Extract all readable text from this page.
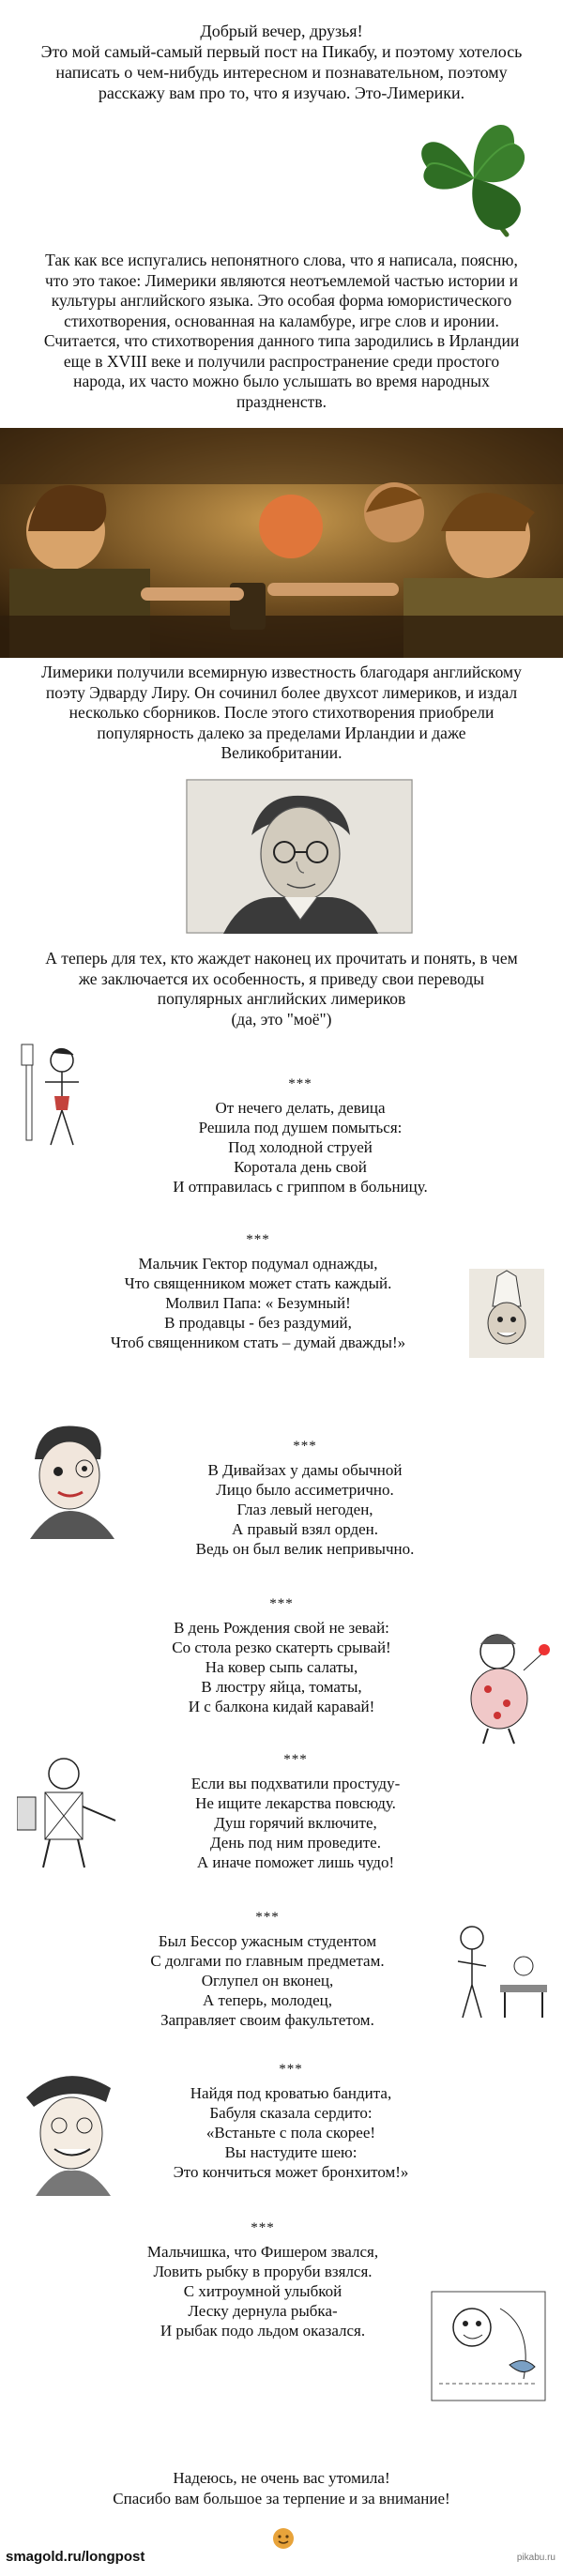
Добрый вечер, друзья!
Это мой самый-самый первый пост на Пикабу, и поэтому хотелось
написать о чем-нибудь интересном и познавательном, поэтому
расскажу вам про то, что я изучаю. Это-Лимерики.
Так как все испугались непонятного слова, что я написала, поясню,
что это такое: Лимерики являются неотъемлемой частью истории и
культуры английского языка. Это особая форма юмористического
стихотворения, основанная на каламбуре, игре слов и иронии.
Считается, что стихотворения данного типа зародились в Ирландии
еще в XVIII веке и получили распространение среди простого
народа, их часто можно было услышать во время народных
праздненств.
Лимерики получили всемирную известность благодаря английскому
поэту Эдварду Лиру. Он сочинил более двухсот лимериков, и издал
несколько сборников. После этого стихотворения приобрели
популярность далеко за пределами Ирландии и даже
Великобритании.
А теперь для тех, кто жаждет наконец их прочитать и понять, в чем
же заключается их особенность, я приведу свои переводы
популярных английских лимериков
(да, это "моё")
***
От нечего делать, девица
Решила под душем помыться:
Под холодной струей
Коротала день свой
И отправилась с гриппом в больницу.
***
Мальчик Гектор подумал однажды,
Что священником может стать каждый.
Молвил Папа: « Безумный!
В продавцы - без раздумий,
Чтоб священником стать – думай дважды!»
***
В Дивайзах у дамы обычной
Лицо было ассиметрично.
Глаз левый негоден,
А правый взял орден.
Ведь он был велик непривычно.
***
В день Рождения свой не зевай:
Со стола резко скатерть срывай!
На ковер сыпь салаты,
В люстру яйца, томаты,
И с балкона кидай каравай!
***
Если вы подхватили простуду-
Не ищите лекарства повсюду.
Душ горячий включите,
День под ним проведите.
А иначе поможет лишь чудо!
***
Был Бессор ужасным студентом
С долгами по главным предметам.
Оглупел он вконец,
А теперь, молодец,
Заправляет своим факультетом.
***
Найдя под кроватью бандита,
Бабуля сказала сердито:
«Встаньте с пола скорее!
Вы настудите шею:
Это кончиться может бронхитом!»
***
Мальчишка, что Фишером звался,
Ловить рыбку в проруби взялся.
С хитроумной улыбкой
Леску дернула рыбка-
И рыбак подо льдом оказался.
Надеюсь, не очень вас утомила!
Спасибо вам большое за терпение и за внимание!
smagold.ru/longpost	pikabu.ru
